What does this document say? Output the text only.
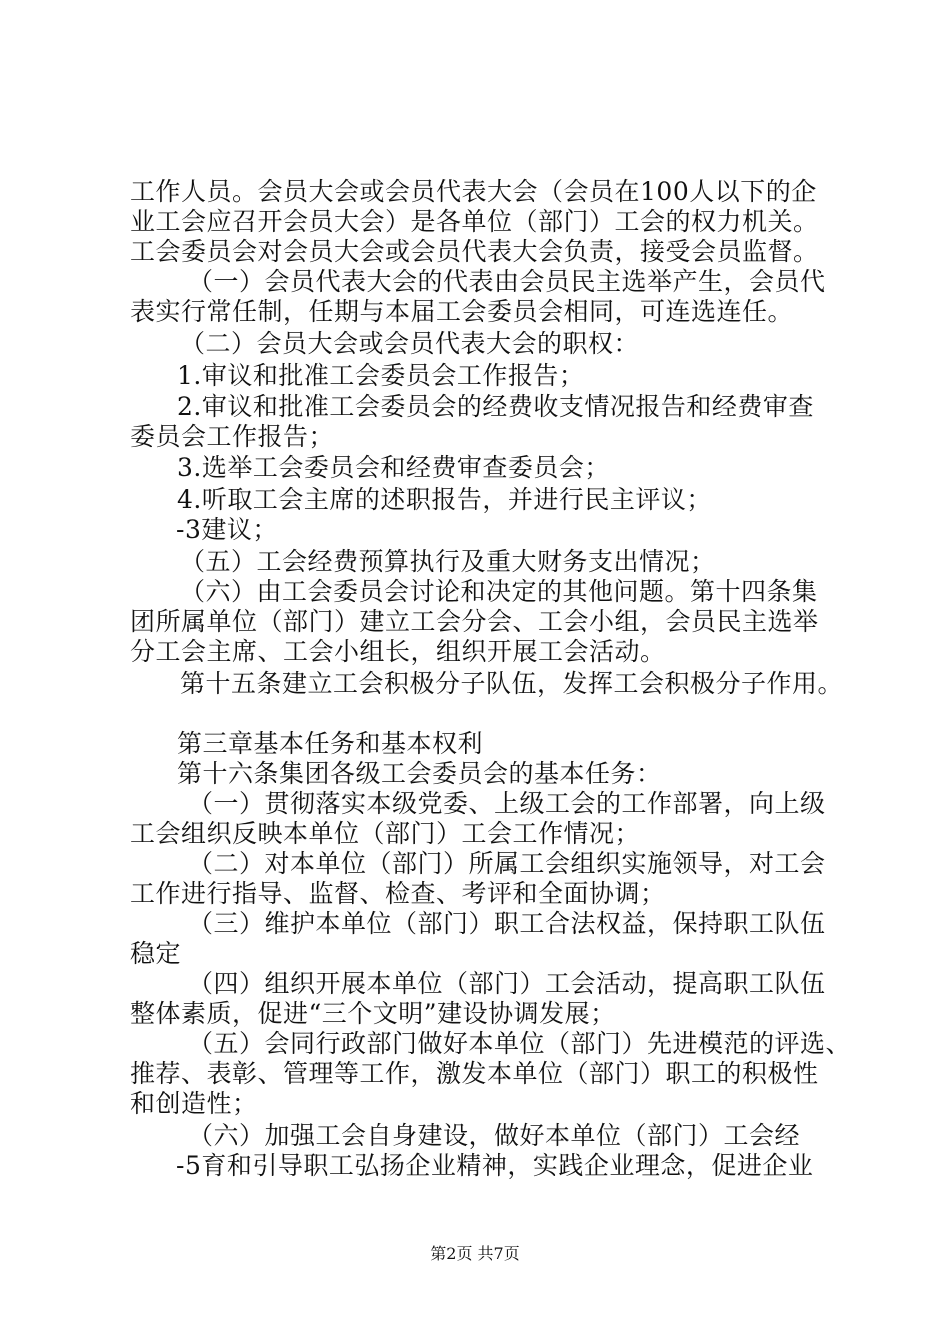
工作人员。会员大会或会员代表大会（会员在100人以下的企
业工会应召开会员大会）是各单位（部门）工会的权力机关。
工会委员会对会员大会或会员代表大会负责，接受会员监督。
（一）会员代表大会的代表由会员民主选举产生，会员代
表实行常任制，任期与本届工会委员会相同，可连选连任。
（二）会员大会或会员代表大会的职权：
1.审议和批准工会委员会工作报告；
2.审议和批准工会委员会的经费收支情况报告和经费审查
委员会工作报告；
3.选举工会委员会和经费审查委员会；
4.听取工会主席的述职报告，并进行民主评议；
-3建议；
（五）工会经费预算执行及重大财务支出情况；
（六）由工会委员会讨论和决定的其他问题。第十四条集
团所属单位（部门）建立工会分会、工会小组，会员民主选举
分工会主席、工会小组长，组织开展工会活动。
第十五条建立工会积极分子队伍，发挥工会积极分子作用。
第三章基本任务和基本权利
第十六条集团各级工会委员会的基本任务：
（一）贯彻落实本级党委、上级工会的工作部署，向上级
工会组织反映本单位（部门）工会工作情况；
（二）对本单位（部门）所属工会组织实施领导，对工会
工作进行指导、监督、检查、考评和全面协调；
（三）维护本单位（部门）职工合法权益，保持职工队伍
稳定
（四）组织开展本单位（部门）工会活动，提高职工队伍
整体素质，促进“三个文明”建设协调发展；
（五）会同行政部门做好本单位（部门）先进模范的评选、
推荐、表彰、管理等工作，激发本单位（部门）职工的积极性
和创造性；
（六）加强工会自身建设，做好本单位（部门）工会经
-5育和引导职工弘扬企业精神，实践企业理念，促进企业
第2页 共7页
